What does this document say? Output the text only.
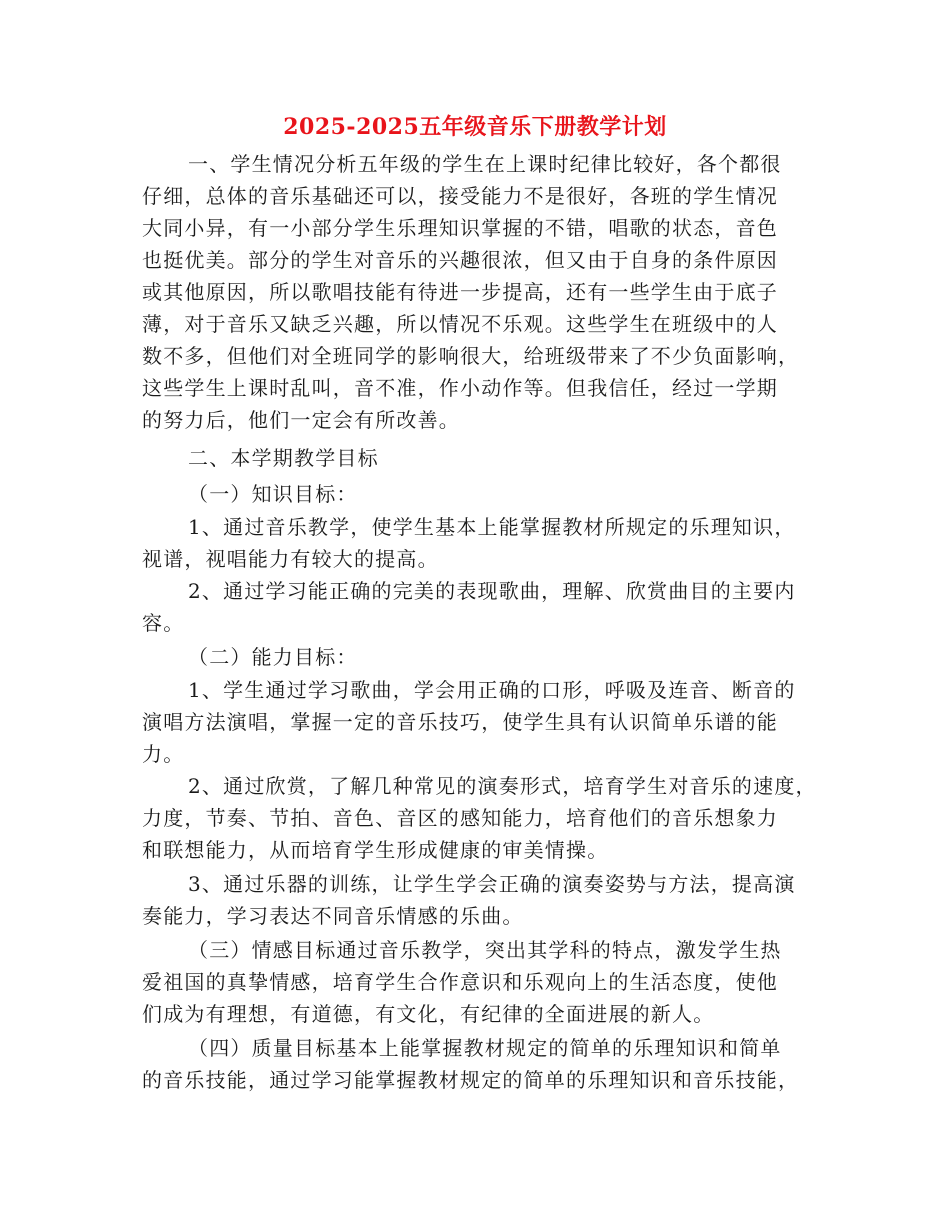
2025-2025五年级音乐下册教学计划
一、学生情况分析五年级的学生在上课时纪律比较好，各个都很
仔细，总体的音乐基础还可以，接受能力不是很好，各班的学生情况
大同小异，有一小部分学生乐理知识掌握的不错，唱歌的状态，音色
也挺优美。部分的学生对音乐的兴趣很浓，但又由于自身的条件原因
或其他原因，所以歌唱技能有待进一步提高，还有一些学生由于底子
薄，对于音乐又缺乏兴趣，所以情况不乐观。这些学生在班级中的人
数不多，但他们对全班同学的影响很大，给班级带来了不少负面影响，
这些学生上课时乱叫，音不准，作小动作等。但我信任，经过一学期
的努力后，他们一定会有所改善。
二、本学期教学目标
（一）知识目标：
1、通过音乐教学，使学生基本上能掌握教材所规定的乐理知识，
视谱，视唱能力有较大的提高。
2、通过学习能正确的完美的表现歌曲，理解、欣赏曲目的主要内
容。
（二）能力目标：
1、学生通过学习歌曲，学会用正确的口形，呼吸及连音、断音的
演唱方法演唱，掌握一定的音乐技巧，使学生具有认识简单乐谱的能
力。
2、通过欣赏，了解几种常见的演奏形式，培育学生对音乐的速度，
力度，节奏、节拍、音色、音区的感知能力，培育他们的音乐想象力
和联想能力，从而培育学生形成健康的审美情操。
3、通过乐器的训练，让学生学会正确的演奏姿势与方法，提高演
奏能力，学习表达不同音乐情感的乐曲。
（三）情感目标通过音乐教学，突出其学科的特点，激发学生热
爱祖国的真挚情感，培育学生合作意识和乐观向上的生活态度，使他
们成为有理想，有道德，有文化，有纪律的全面进展的新人。
（四）质量目标基本上能掌握教材规定的简单的乐理知识和简单
的音乐技能，通过学习能掌握教材规定的简单的乐理知识和音乐技能，
